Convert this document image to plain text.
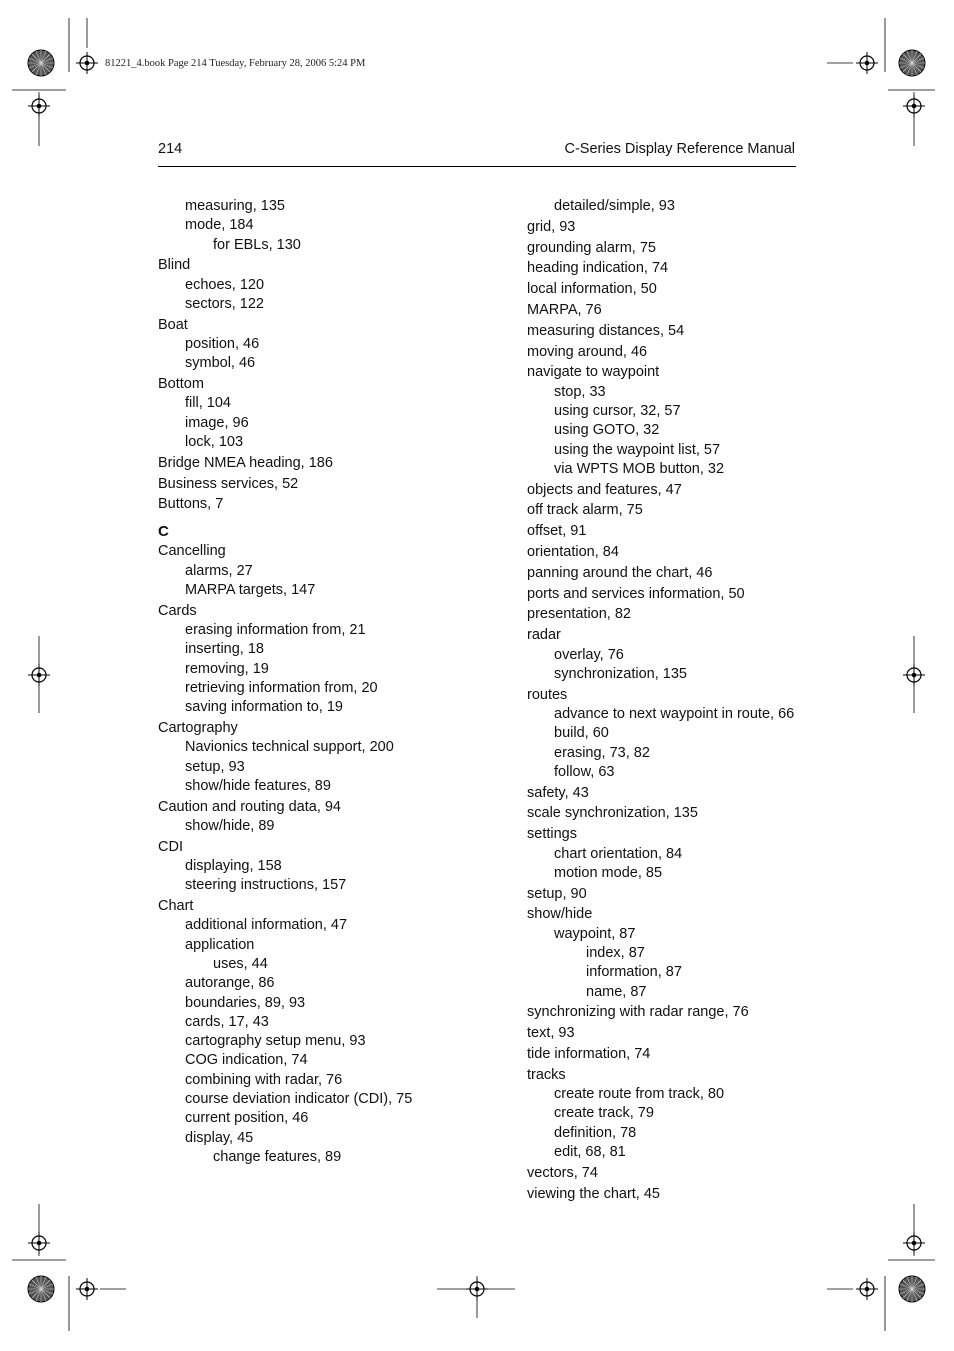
81221_4.book Page 214 Tuesday, February 28, 2006 5:24 PM
214	C-Series Display Reference Manual
measuring, 135
mode, 184
for EBLs, 130
Blind
echoes, 120
sectors, 122
Boat
position, 46
symbol, 46
Bottom
fill, 104
image, 96
lock, 103
Bridge NMEA heading, 186
Business services, 52
Buttons, 7
C
Cancelling
alarms, 27
MARPA targets, 147
Cards
erasing information from, 21
inserting, 18
removing, 19
retrieving information from, 20
saving information to, 19
Cartography
Navionics technical support, 200
setup, 93
show/hide features, 89
Caution and routing data, 94
show/hide, 89
CDI
displaying, 158
steering instructions, 157
Chart
additional information, 47
application
uses, 44
autorange, 86
boundaries, 89, 93
cards, 17, 43
cartography setup menu, 93
COG indication, 74
combining with radar, 76
course deviation indicator (CDI), 75
current position, 46
display, 45
change features, 89
detailed/simple, 93
grid, 93
grounding alarm, 75
heading indication, 74
local information, 50
MARPA, 76
measuring distances, 54
moving around, 46
navigate to waypoint
stop, 33
using cursor, 32, 57
using GOTO, 32
using the waypoint list, 57
via WPTS MOB button, 32
objects and features, 47
off track alarm, 75
offset, 91
orientation, 84
panning around the chart, 46
ports and services information, 50
presentation, 82
radar
overlay, 76
synchronization, 135
routes
advance to next waypoint in route, 66
build, 60
erasing, 73, 82
follow, 63
safety, 43
scale synchronization, 135
settings
chart orientation, 84
motion mode, 85
setup, 90
show/hide
waypoint, 87
index, 87
information, 87
name, 87
synchronizing with radar range, 76
text, 93
tide information, 74
tracks
create route from track, 80
create track, 79
definition, 78
edit, 68, 81
vectors, 74
viewing the chart, 45
